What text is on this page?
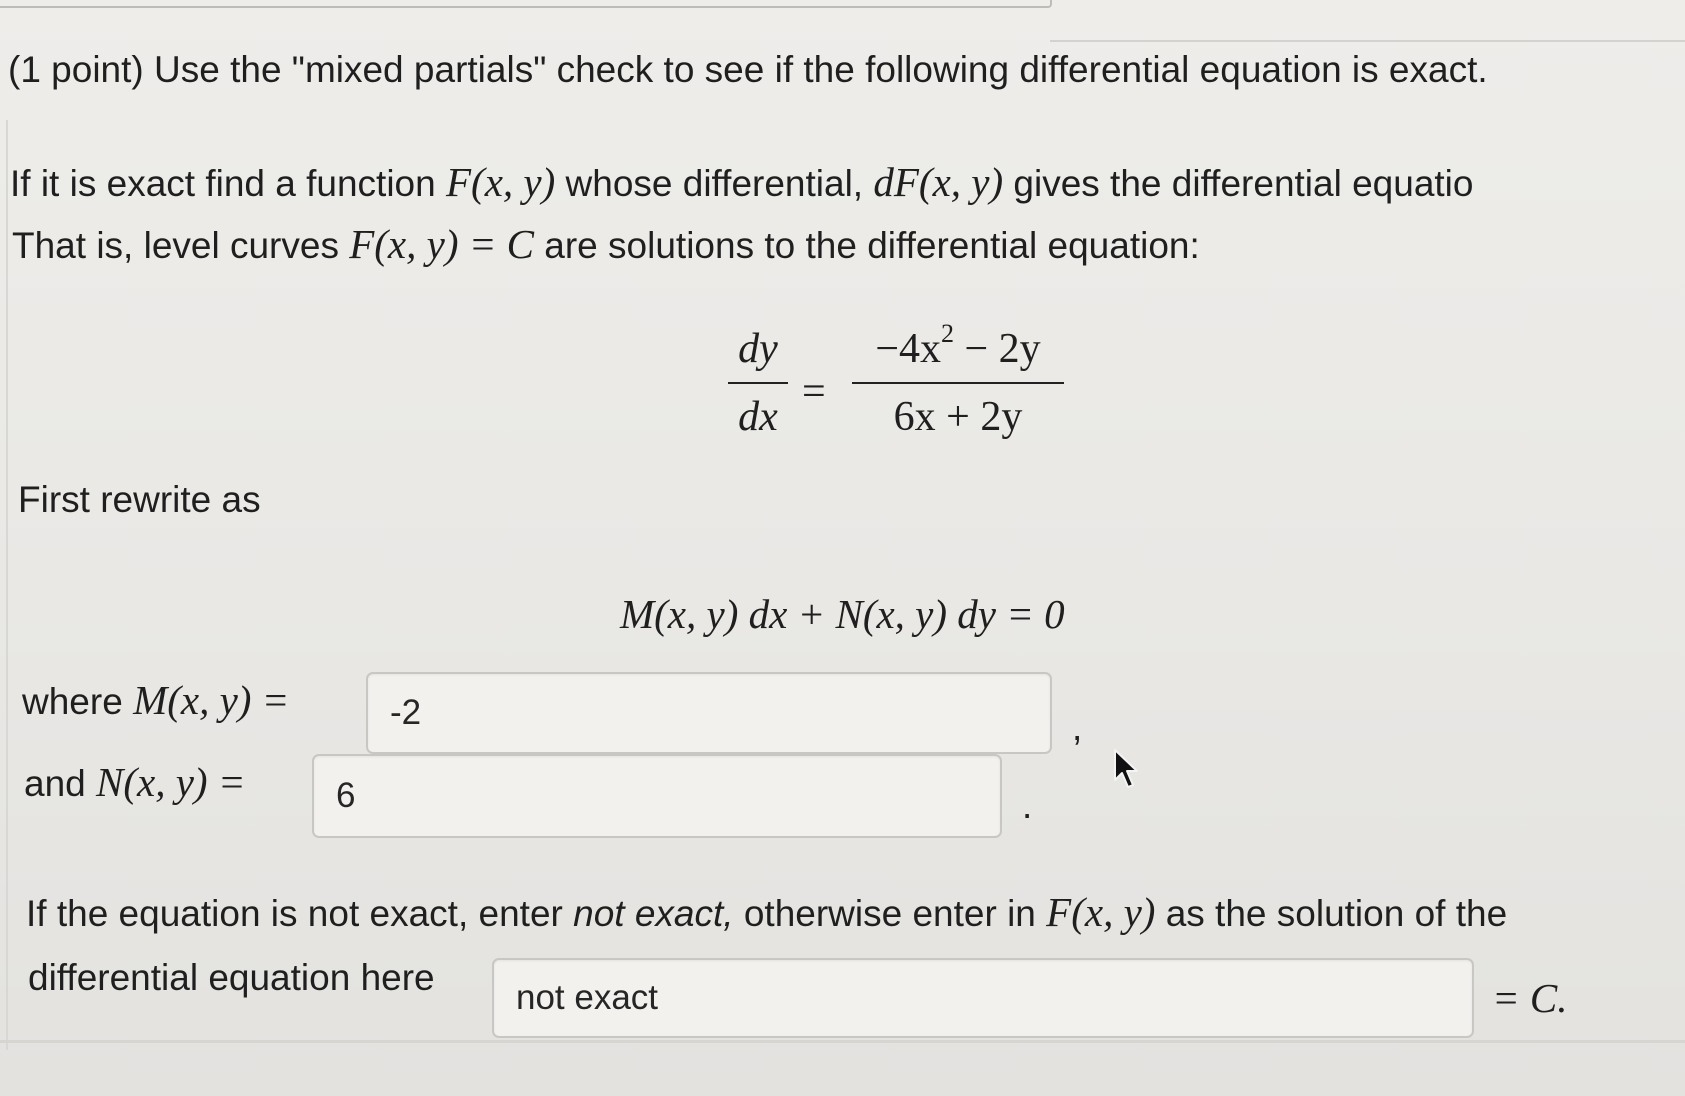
(1 point) Use the "mixed partials" check to see if the following differential equation is exact.
If it is exact find a function F(x, y) whose differential, dF(x, y) gives the differential equatio
That is, level curves F(x, y) = C are solutions to the differential equation:
dy
dx
=
$-4x^2 - 2y$
6x + 2y
First rewrite as
M(x, y) dx + N(x, y) dy = 0
where M(x, y) =	-2	,
and N(x, y) =	6	.
If the equation is not exact, enter not exact, otherwise enter in F(x, y) as the solution of the
differential equation here	not exact	= C.
